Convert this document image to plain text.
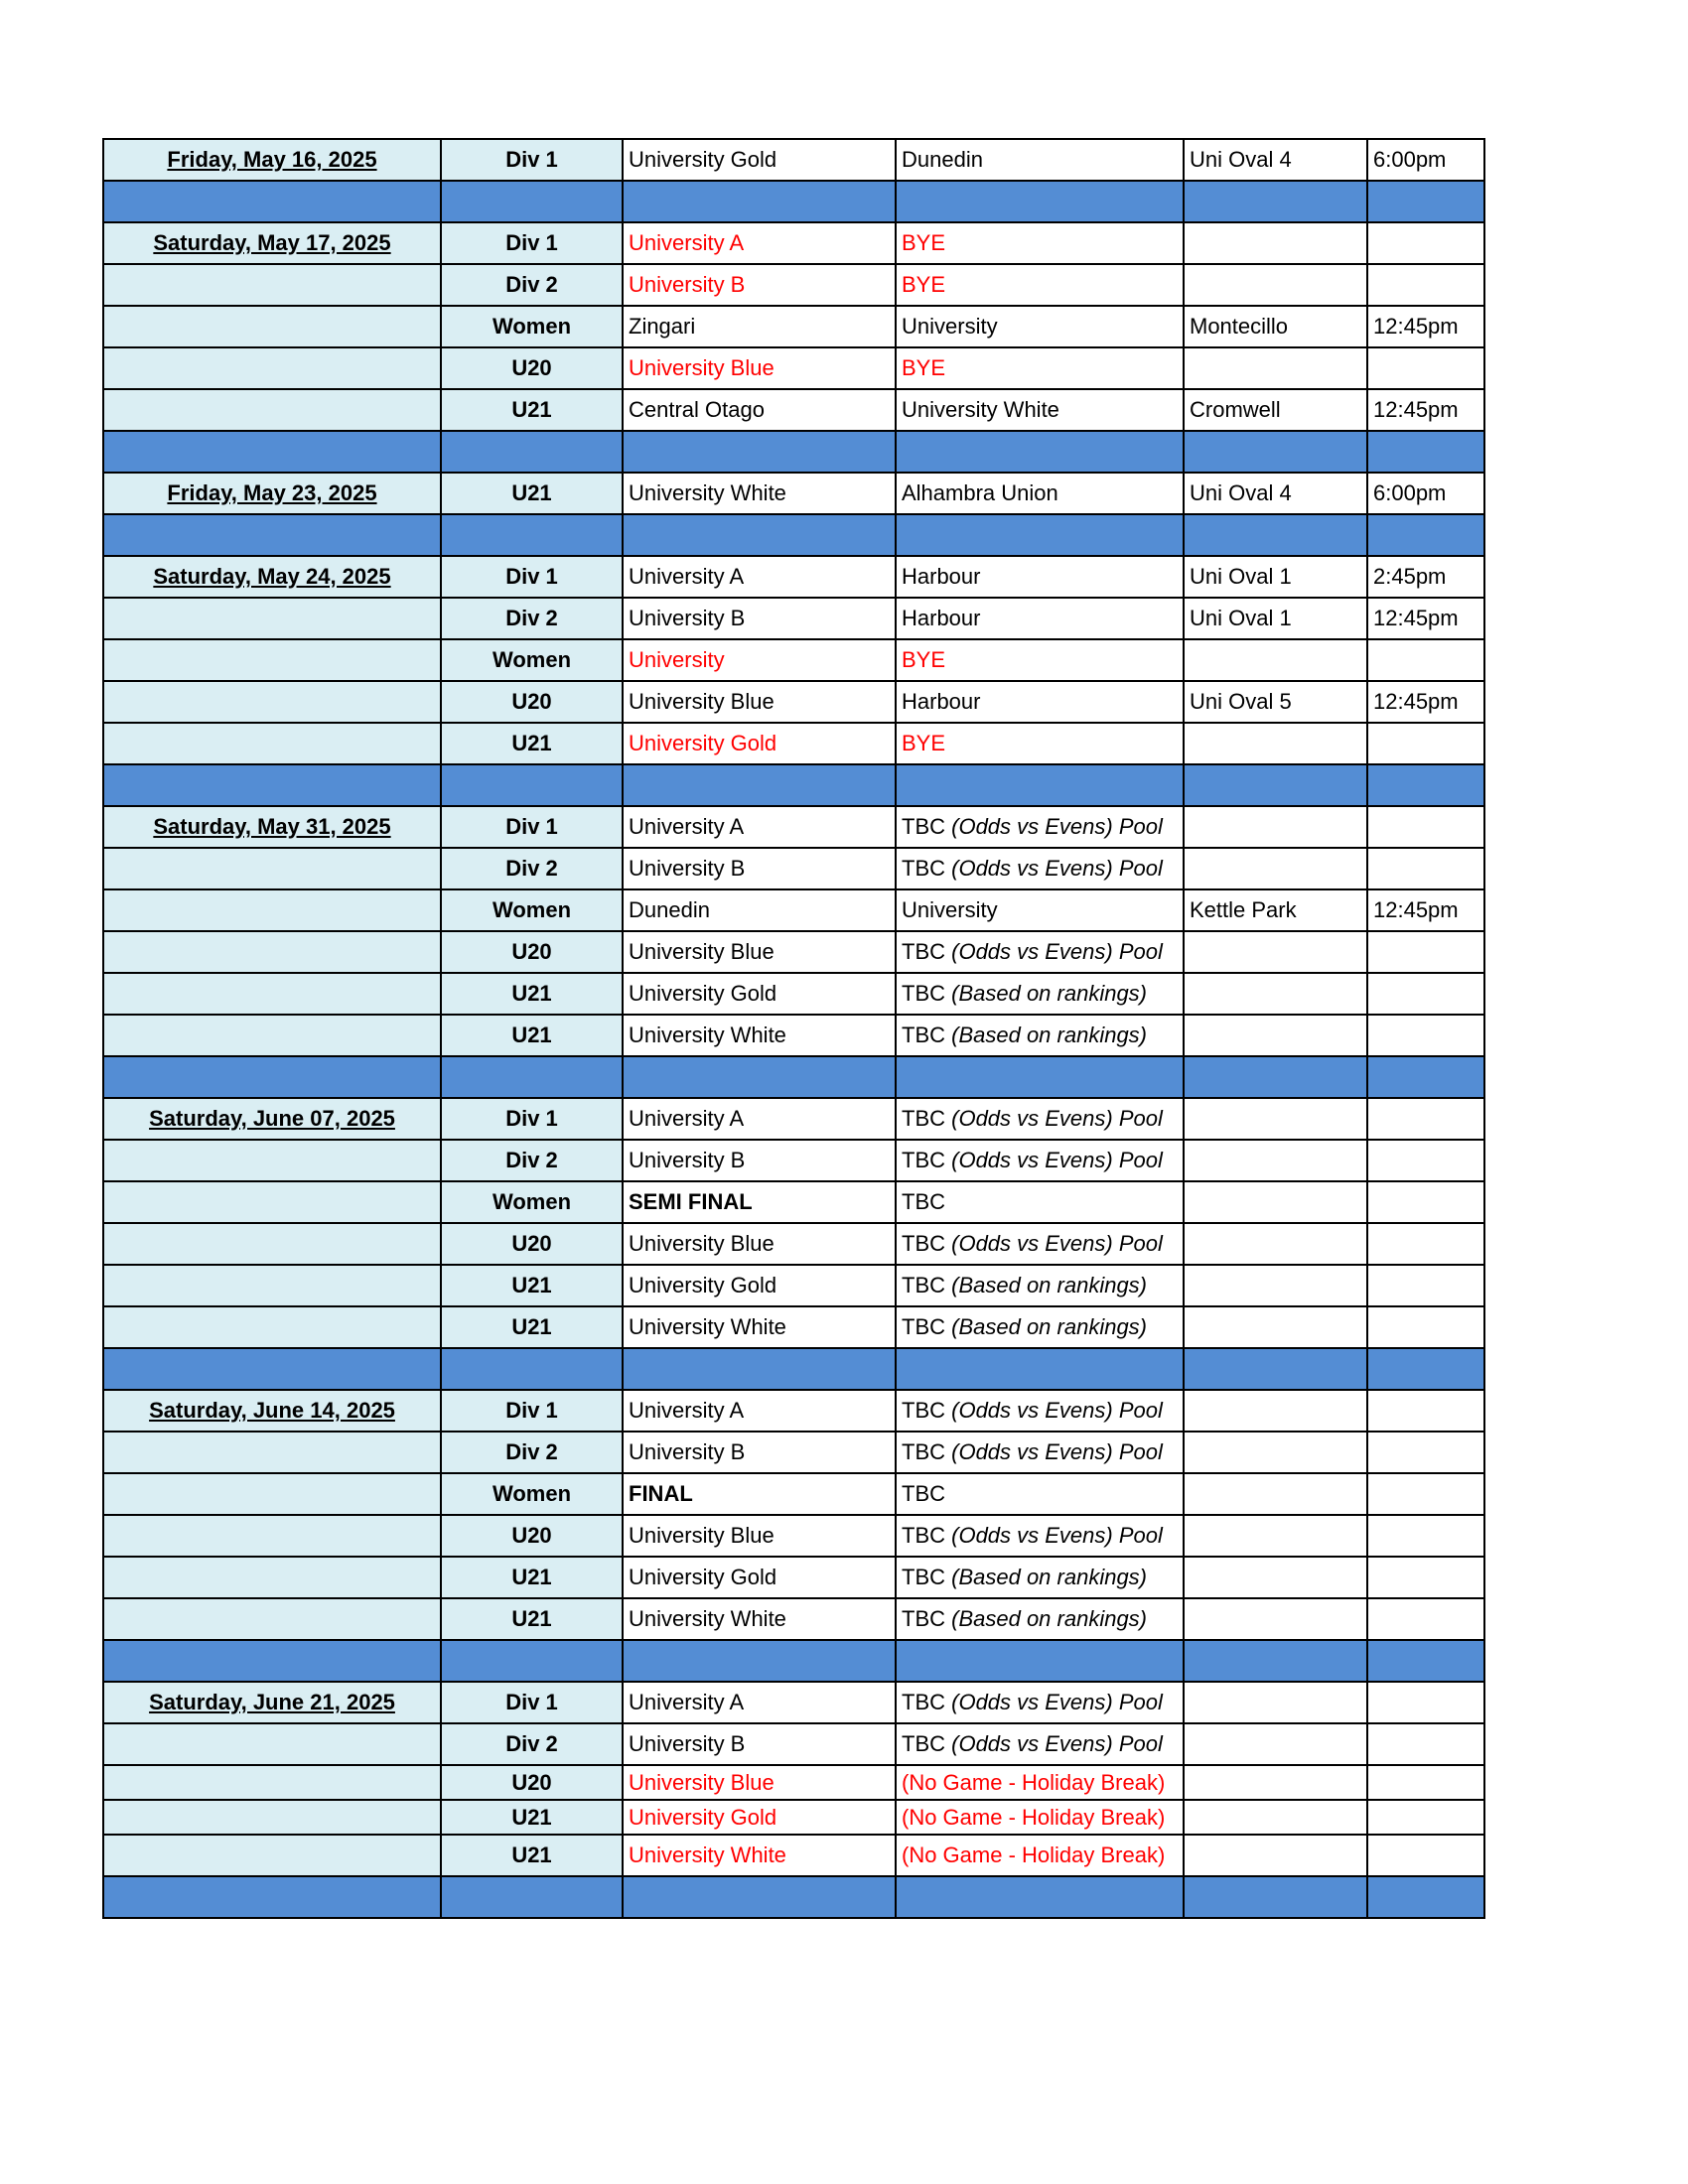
Friday, May 16, 2025	Div 1	University Gold	Dunedin	Uni Oval 4	6:00pm

Saturday, May 17, 2025	Div 1	University A	BYE		
	Div 2	University B	BYE		
	Women	Zingari	University	Montecillo	12:45pm
	U20	University Blue	BYE		
	U21	Central Otago	University White	Cromwell	12:45pm

Friday, May 23, 2025	U21	University White	Alhambra Union	Uni Oval 4	6:00pm

Saturday, May 24, 2025	Div 1	University A	Harbour	Uni Oval 1	2:45pm
	Div 2	University B	Harbour	Uni Oval 1	12:45pm
	Women	University	BYE		
	U20	University Blue	Harbour	Uni Oval 5	12:45pm
	U21	University Gold	BYE		

Saturday, May 31, 2025	Div 1	University A	TBC (Odds vs Evens) Pool		
	Div 2	University B	TBC (Odds vs Evens) Pool		
	Women	Dunedin	University	Kettle Park	12:45pm
	U20	University Blue	TBC (Odds vs Evens) Pool		
	U21	University Gold	TBC (Based on rankings)		
	U21	University White	TBC (Based on rankings)		

Saturday, June 07, 2025	Div 1	University A	TBC (Odds vs Evens) Pool		
	Div 2	University B	TBC (Odds vs Evens) Pool		
	Women	SEMI FINAL	TBC		
	U20	University Blue	TBC (Odds vs Evens) Pool		
	U21	University Gold	TBC (Based on rankings)		
	U21	University White	TBC (Based on rankings)		

Saturday, June 14, 2025	Div 1	University A	TBC (Odds vs Evens) Pool		
	Div 2	University B	TBC (Odds vs Evens) Pool		
	Women	FINAL	TBC		
	U20	University Blue	TBC (Odds vs Evens) Pool		
	U21	University Gold	TBC (Based on rankings)		
	U21	University White	TBC (Based on rankings)		

Saturday, June 21, 2025	Div 1	University A	TBC (Odds vs Evens) Pool		
	Div 2	University B	TBC (Odds vs Evens) Pool		
	U20	University Blue	(No Game - Holiday Break)		
	U21	University Gold	(No Game - Holiday Break)		
	U21	University White	(No Game - Holiday Break)		
